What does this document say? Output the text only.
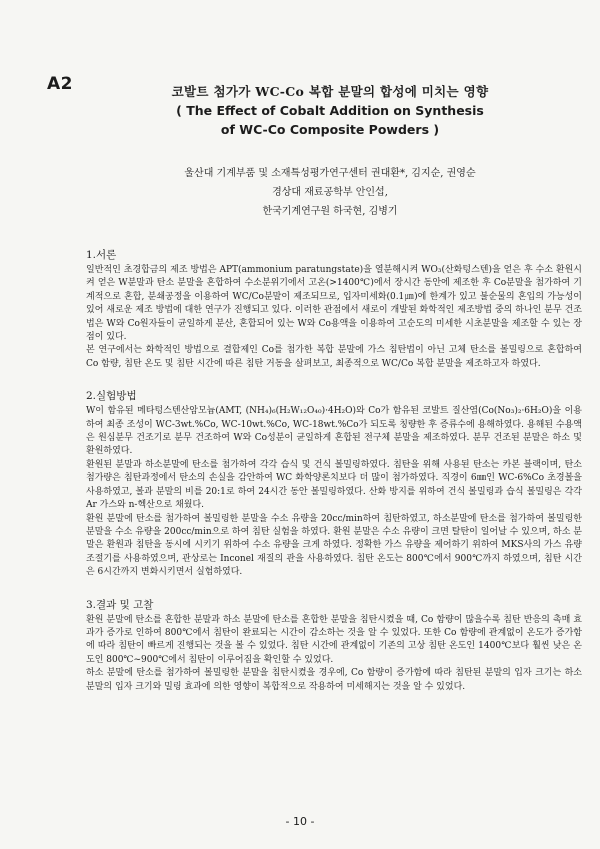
A2	코발트 첨가가 WC-Co 복합 분말의 합성에 미치는 영향

( The Effect of Cobalt Addition on Synthesis

of WC-Co Composite Powders )

울산대 기계부품 및 소재특성평가연구센터 권대환*, 김지순, 권영순
경상대 재료공학부 안인섭,
한국기계연구원 하국현, 김병기
1.서론

일반적인 초경합금의 제조 방법은 APT(ammonium paratungstate)을 열분해시켜 WO₃(산화텅스텐)을 얻은 후 수소 환원시켜 얻은 W분말과 탄소 분말을 혼합하여 수소분위기에서 고온(>1400℃)에서 장시간 동안에 제조한 후 Co분말을 첨가하여 기계적으로 혼합, 분쇄공정을 이용하여 WC/Co분말이 제조되므로, 입자미세화(0.1㎛)에 한계가 있고 불순물의 혼입의 가능성이 있어 새로운 제조 방법에 대한 연구가 진행되고 있다. 이러한 관점에서 새로이 개발된 화학적인 제조방법 중의 하나인 분무 건조법은 W와 Co원자들이 균일하게 분산, 혼합되어 있는 W와 Co용액을 이용하여 고순도의 미세한 시초분말을 제조할 수 있는 장점이 있다.

본 연구에서는 화학적인 방법으로 결합제인 Co를 첨가한 복합 분말에 가스 침탄법이 아닌 고체 탄소를 볼밀링으로 혼합하여 Co 함량, 침탄 온도 및 침탄 시간에 따른 침탄 거동을 살펴보고, 최종적으로 WC/Co 복합 분말을 제조하고자 하였다.

2.실험방법

W이 함유된 메타텅스텐산암모늄(AMT, (NH₄)₆(H₂W₁₂O₄₀)·4H₂O)와 Co가 함유된 코발트 질산염(Co(No₃)₂·6H₂O)을 이용하여 최종 조성이 WC-3wt.%Co, WC-10wt.%Co, WC-18wt.%Co가 되도록 칭량한 후 증류수에 용해하였다. 용해된 수용액은 원심분무 건조기로 분무 건조하여 W와 Co성분이 균일하게 혼합된 전구체 분말을 제조하였다. 분무 건조된 분말은 하소 및 환원하였다.

환원된 분말과 하소분말에 탄소를 첨가하여 각각 습식 및 건식 볼밀링하였다. 침탄을 위해 사용된 탄소는 카본 블랙이며, 탄소 첨가량은 침탄과정에서 탄소의 손실을 감안하여 WC 화학양론치보다 더 많이 첨가하였다. 직경이 6㎜인 WC-6%Co 초경볼을 사용하였고, 볼과 분말의 비를 20:1로 하여 24시간 동안 볼밀링하였다. 산화 방지를 위하여 건식 볼밀링과 습식 볼밀링은 각각 Ar 가스와 n-헥산으로 채웠다.

환원 분말에 탄소를 첨가하여 볼밀링한 분말을 수소 유량을 20cc/min하여 침탄하였고, 하소분말에 탄소를 첨가하여 볼밀링한 분말을 수소 유량을 200cc/min으로 하여 침탄 실험을 하였다. 환원 분말은 수소 유량이 크면 탈탄이 일어날 수 있으며, 하소 분말은 환원과 침탄을 동시에 시키기 위하여 수소 유량을 크게 하였다. 정확한 가스 유량을 제어하기 위하여 MKS사의 가스 유량 조절기를 사용하였으며, 관상로는 Inconel 재질의 관을 사용하였다. 침탄 온도는 800℃에서 900℃까지 하였으며, 침탄 시간은 6시간까지 변화시키면서 실험하였다.

3.결과 및 고찰

환원 분말에 탄소를 혼합한 분말과 하소 분말에 탄소를 혼합한 분말을 침탄시켰을 때, Co 함량이 많을수록 침탄 반응의 촉매 효과가 증가로 인하여 800℃에서 침탄이 완료되는 시간이 감소하는 것을 알 수 있었다. 또한 Co 함량에 관계없이 온도가 증가함에 따라 침탄이 빠르게 진행되는 것을 볼 수 있었다. 침탄 시간에 관계없이 기존의 고상 침탄 온도인 1400℃보다 훨씬 낮은 온도인 800℃~900℃에서 침탄이 이루어짐을 확인할 수 있었다.

하소 분말에 탄소를 첨가하여 볼밀링한 분말을 침탄시켰을 경우에, Co 함량이 증가함에 따라 침탄된 분말의 입자 크기는 하소 분말의 입자 크기와 밀링 효과에 의한 영향이 복합적으로 작용하여 미세해지는 것을 알 수 있었다.

- 10 -
